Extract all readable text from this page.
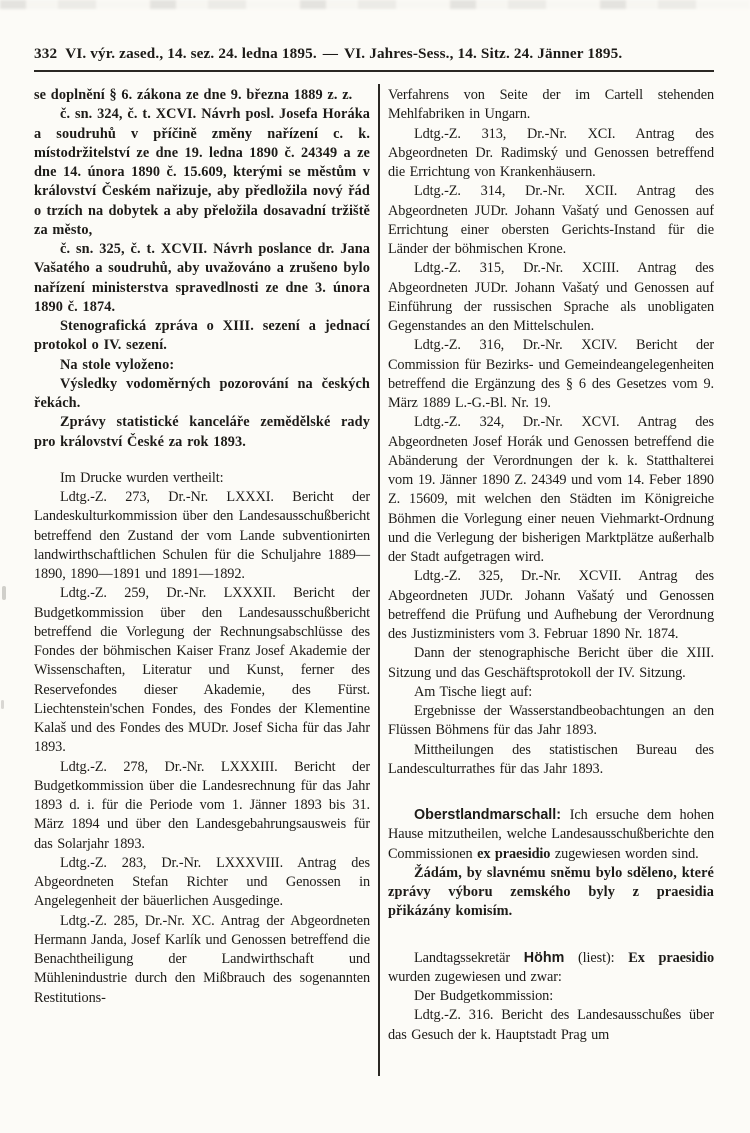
332 VI. výr. zased., 14. sez. 24. ledna 1895. — VI. Jahres-Sess., 14. Sitz. 24. Jänner 1895.

se doplnění § 6. zákona ze dne 9. března 1889 z. z.

č. sn. 324, č. t. XCVI. Návrh posl. Josefa Horáka a soudruhů v příčině změny nařízení c. k. místodržitelství ze dne 19. ledna 1890 č. 24349 a ze dne 14. února 1890 č. 15.609, kterými se městům v království Českém nařizuje, aby předložila nový řád o trzích na dobytek a aby přeložila dosavadní tržiště za město,

č. sn. 325, č. t. XCVII. Návrh poslance dr. Jana Vašatého a soudruhů, aby uvažováno a zrušeno bylo nařízení ministerstva spravedlnosti ze dne 3. února 1890 č. 1874.

Stenografická zpráva o XIII. sezení a jednací protokol o IV. sezení.

Na stole vyloženo:

Výsledky vodoměrných pozorování na českých řekách.

Zprávy statistické kanceláře zemědělské rady pro království České za rok 1893.

Im Drucke wurden vertheilt:

Ldtg.-Z. 273, Dr.-Nr. LXXXI. Bericht der Landeskulturkommission über den Landesausschußbericht betreffend den Zustand der vom Lande subventionirten landwirthschaftlichen Schulen für die Schuljahre 1889—1890, 1890—1891 und 1891—1892.

Ldtg.-Z. 259, Dr.-Nr. LXXXII. Bericht der Budgetkommission über den Landesausschußbericht betreffend die Vorlegung der Rechnungsabschlüsse des Fondes der böhmischen Kaiser Franz Josef Akademie der Wissenschaften, Literatur und Kunst, ferner des Reservefondes dieser Akademie, des Fürst. Liechtenstein'schen Fondes, des Fondes der Klementine Kalaš und des Fondes des MUDr. Josef Sicha für das Jahr 1893.

Ldtg.-Z. 278, Dr.-Nr. LXXXIII. Bericht der Budgetkommission über die Landesrechnung für das Jahr 1893 d. i. für die Periode vom 1. Jänner 1893 bis 31. März 1894 und über den Landesgebahrungsausweis für das Solarjahr 1893.

Ldtg.-Z. 283, Dr.-Nr. LXXXVIII. Antrag des Abgeordneten Stefan Richter und Genossen in Angelegenheit der bäuerlichen Ausgedinge.

Ldtg.-Z. 285, Dr.-Nr. XC. Antrag der Abgeordneten Hermann Janda, Josef Karlík und Genossen betreffend die Benachtheiligung der Landwirthschaft und Mühlenindustrie durch den Mißbrauch des sogenannten Restitutions-

Verfahrens von Seite der im Cartell stehenden Mehlfabriken in Ungarn.

Ldtg.-Z. 313, Dr.-Nr. XCI. Antrag des Abgeordneten Dr. Radimský und Genossen betreffend die Errichtung von Krankenhäusern.

Ldtg.-Z. 314, Dr.-Nr. XCII. Antrag des Abgeordneten JUDr. Johann Vašatý und Genossen auf Errichtung einer obersten Gerichts-Instand für die Länder der böhmischen Krone.

Ldtg.-Z. 315, Dr.-Nr. XCIII. Antrag des Abgeordneten JUDr. Johann Vašatý und Genossen auf Einführung der russischen Sprache als unobligaten Gegenstandes an den Mittelschulen.

Ldtg.-Z. 316, Dr.-Nr. XCIV. Bericht der Commission für Bezirks- und Gemeindeangelegenheiten betreffend die Ergänzung des § 6 des Gesetzes vom 9. März 1889 L.-G.-Bl. Nr. 19.

Ldtg.-Z. 324, Dr.-Nr. XCVI. Antrag des Abgeordneten Josef Horák und Genossen betreffend die Abänderung der Verordnungen der k. k. Statthalterei vom 19. Jänner 1890 Z. 24349 und vom 14. Feber 1890 Z. 15609, mit welchen den Städten im Königreiche Böhmen die Vorlegung einer neuen Viehmarkt-Ordnung und die Verlegung der bisherigen Marktplätze außerhalb der Stadt aufgetragen wird.

Ldtg.-Z. 325, Dr.-Nr. XCVII. Antrag des Abgeordneten JUDr. Johann Vašatý und Genossen betreffend die Prüfung und Aufhebung der Verordnung des Justizministers vom 3. Februar 1890 Nr. 1874.

Dann der stenographische Bericht über die XIII. Sitzung und das Geschäftsprotokoll der IV. Sitzung.

Am Tische liegt auf:

Ergebnisse der Wasserstandbeobachtungen an den Flüssen Böhmens für das Jahr 1893.

Mittheilungen des statistischen Bureau des Landesculturrathes für das Jahr 1893.

Oberstlandmarschall: Ich ersuche dem hohen Hause mitzutheilen, welche Landesausschußberichte den Commissionen ex praesidio zugewiesen worden sind.

Žádám, by slavnému sněmu bylo sděleno, které zprávy výboru zemského byly z praesidia přikázány komisím.

Landtagssekretär Höhm (liest): Ex praesidio wurden zugewiesen und zwar:

Der Budgetkommission:

Ldtg.-Z. 316. Bericht des Landesausschußes über das Gesuch der k. Hauptstadt Prag um
